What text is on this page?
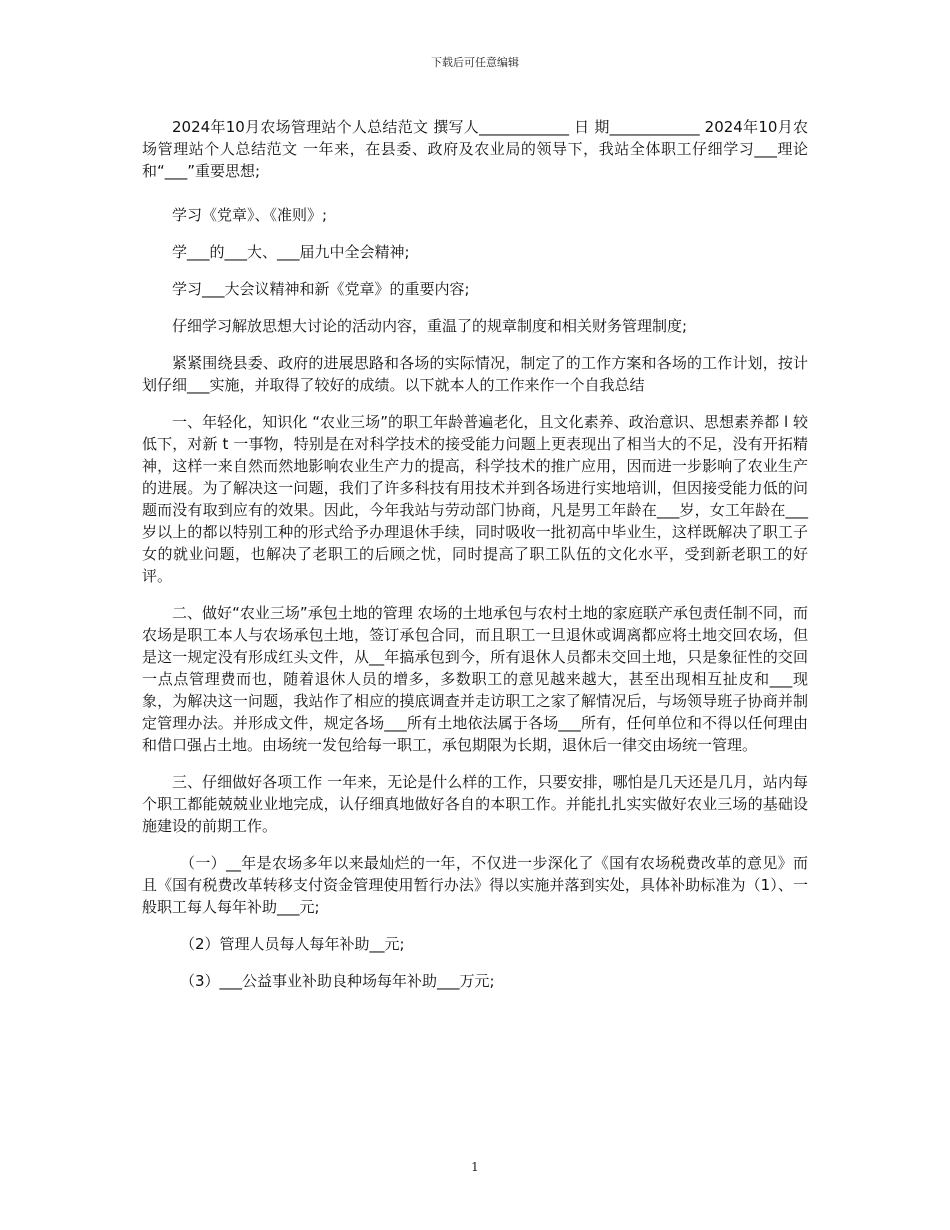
下载后可任意编辑

2024年10月农场管理站个人总结范文 撰写人____________ 日 期____________ 2024年10月农场管理站个人总结范文 一年来，在县委、政府及农业局的领导下，我站全体职工仔细学习___理论和“___”重要思想;

学习《党章》、《准则》;

学___的___大、___届九中全会精神;

学习___大会议精神和新《党章》的重要内容;

仔细学习解放思想大讨论的活动内容，重温了的规章制度和相关财务管理制度;

紧紧围绕县委、政府的进展思路和各场的实际情况，制定了的工作方案和各场的工作计划，按计划仔细___实施，并取得了较好的成绩。以下就本人的工作来作一个自我总结

一、年轻化，知识化 “农业三场”的职工年龄普遍老化，且文化素养、政治意识、思想素养都 l 较低下，对新 t 一事物，特别是在对科学技术的接受能力问题上更表现出了相当大的不足，没有开拓精神，这样一来自然而然地影响农业生产力的提高，科学技术的推广应用，因而进一步影响了农业生产的进展。为了解决这一问题，我们了许多科技有用技术并到各场进行实地培训，但因接受能力低的问题而没有取到应有的效果。因此，今年我站与劳动部门协商，凡是男工年龄在___岁，女工年龄在___岁以上的都以特别工种的形式给予办理退休手续，同时吸收一批初高中毕业生，这样既解决了职工子女的就业问题，也解决了老职工的后顾之忧，同时提高了职工队伍的文化水平，受到新老职工的好评。

二、做好“农业三场”承包土地的管理 农场的土地承包与农村土地的家庭联产承包责任制不同，而农场是职工本人与农场承包土地，签订承包合同，而且职工一旦退休或调离都应将土地交回农场，但是这一规定没有形成红头文件，从__年搞承包到今，所有退休人员都未交回土地，只是象征性的交回一点点管理费而也，随着退休人员的增多，多数职工的意见越来越大，甚至出现相互扯皮和___现象，为解决这一问题，我站作了相应的摸底调查并走访职工之家了解情况后，与场领导班子协商并制定管理办法。并形成文件，规定各场___所有土地依法属于各场___所有，任何单位和不得以任何理由和借口强占土地。由场统一发包给每一职工，承包期限为长期，退休后一律交由场统一管理。

三、仔细做好各项工作 一年来，无论是什么样的工作，只要安排，哪怕是几天还是几月，站内每个职工都能兢兢业业地完成，认仔细真地做好各自的本职工作。并能扎扎实实做好农业三场的基础设施建设的前期工作。

（一）__年是农场多年以来最灿烂的一年，不仅进一步深化了《国有农场税费改革的意见》而且《国有税费改革转移支付资金管理使用暂行办法》得以实施并落到实处，具体补助标准为（1）、一般职工每人每年补助___元;

（2）管理人员每人每年补助__元;

（3）___公益事业补助良种场每年补助___万元;

1
